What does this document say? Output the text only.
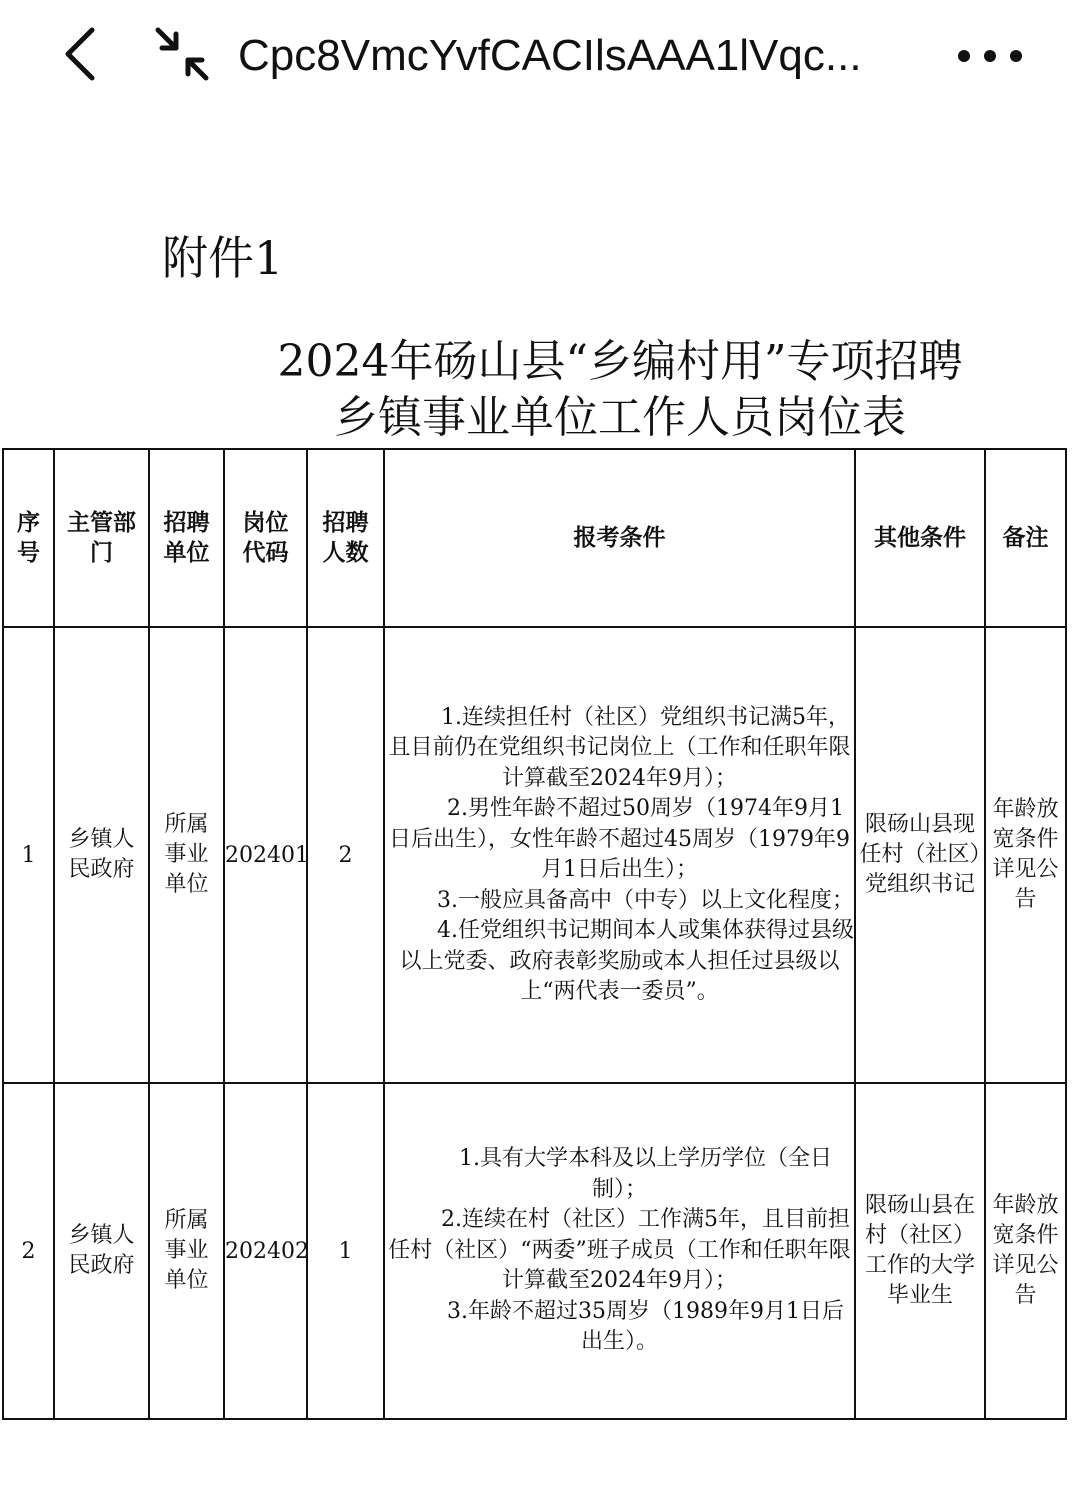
Cpc8VmcYvfCACIlsAAA1lVqc...
附件1
2024年砀山县“乡编村用”专项招聘
乡镇事业单位工作人员岗位表
序号	主管部门	招聘单位	岗位代码	招聘人数	报考条件	其他条件	备注
1	乡镇人民政府	所属事业单位	202401	2	1.连续担任村（社区）党组织书记满5年，且目前仍在党组织书记岗位上（工作和任职年限计算截至2024年9月）；
2.男性年龄不超过50周岁（1974年9月1日后出生），女性年龄不超过45周岁（1979年9月1日后出生）；
3.一般应具备高中（中专）以上文化程度；
4.任党组织书记期间本人或集体获得过县级以上党委、政府表彰奖励或本人担任过县级以上“两代表一委员”。	限砀山县现任村（社区）党组织书记	年龄放宽条件详见公告
2	乡镇人民政府	所属事业单位	202402	1	1.具有大学本科及以上学历学位（全日制）；
2.连续在村（社区）工作满5年，且目前担任村（社区）“两委”班子成员（工作和任职年限计算截至2024年9月）；
3.年龄不超过35周岁（1989年9月1日后出生）。	限砀山县在村（社区）工作的大学毕业生	年龄放宽条件详见公告
